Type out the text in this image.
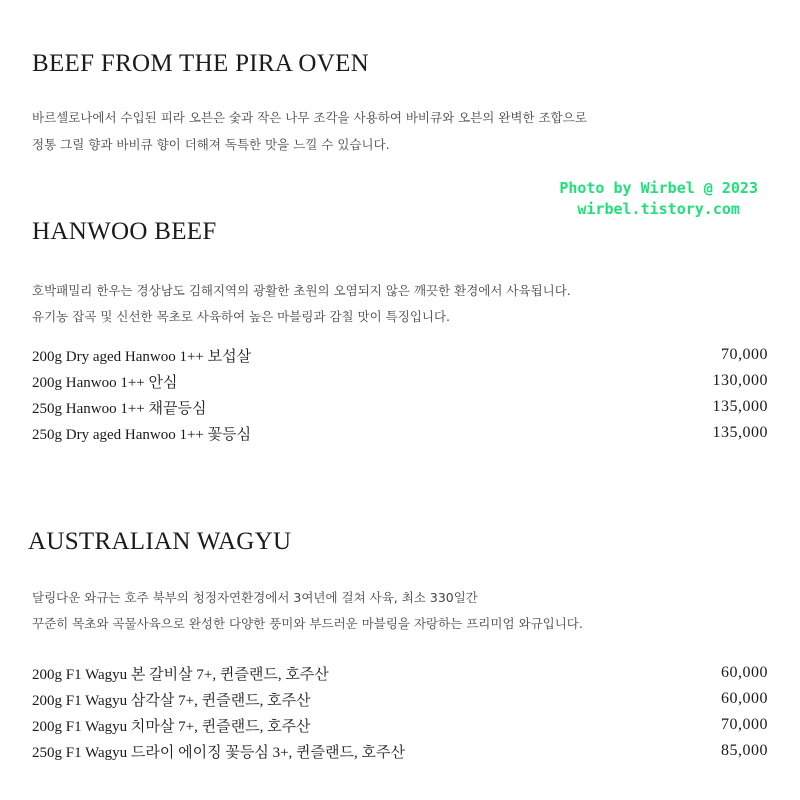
BEEF FROM THE PIRA OVEN

바르셀로나에서 수입된 피라 오븐은 숯과 작은 나무 조각을 사용하여 바비큐와 오븐의 완벽한 조합으로

정통 그릴 향과 바비큐 향이 더해져 독특한 맛을 느낄 수 있습니다.

Photo by Wirbel @ 2023
wirbel.tistory.com
HANWOO BEEF

호박패밀리 한우는 경상남도 김해지역의 광활한 초원의 오염되지 않은 깨끗한 환경에서 사육됩니다.

유기농 잡곡 및 신선한 목초로 사육하여 높은 마블링과 감칠 맛이 특징입니다.

200g Dry aged Hanwoo 1++ 보섭살	70,000
200g Hanwoo 1++ 안심	130,000
250g Hanwoo 1++ 채끝등심	135,000
250g Dry aged Hanwoo 1++ 꽃등심	135,000
AUSTRALIAN WAGYU

달링다운 와규는 호주 북부의 청정자연환경에서 3여년에 걸쳐 사육, 최소 330일간

꾸준히 목초와 곡물사육으로 완성한 다양한 풍미와 부드러운 마블링을 자랑하는 프리미엄 와규입니다.

200g F1 Wagyu 본 갈비살 7+, 퀸즐랜드, 호주산	60,000
200g F1 Wagyu 삼각살 7+, 퀸즐랜드, 호주산	60,000
200g F1 Wagyu 치마살 7+, 퀸즐랜드, 호주산	70,000
250g F1 Wagyu 드라이 에이징 꽃등심 3+, 퀸즐랜드, 호주산	85,000
